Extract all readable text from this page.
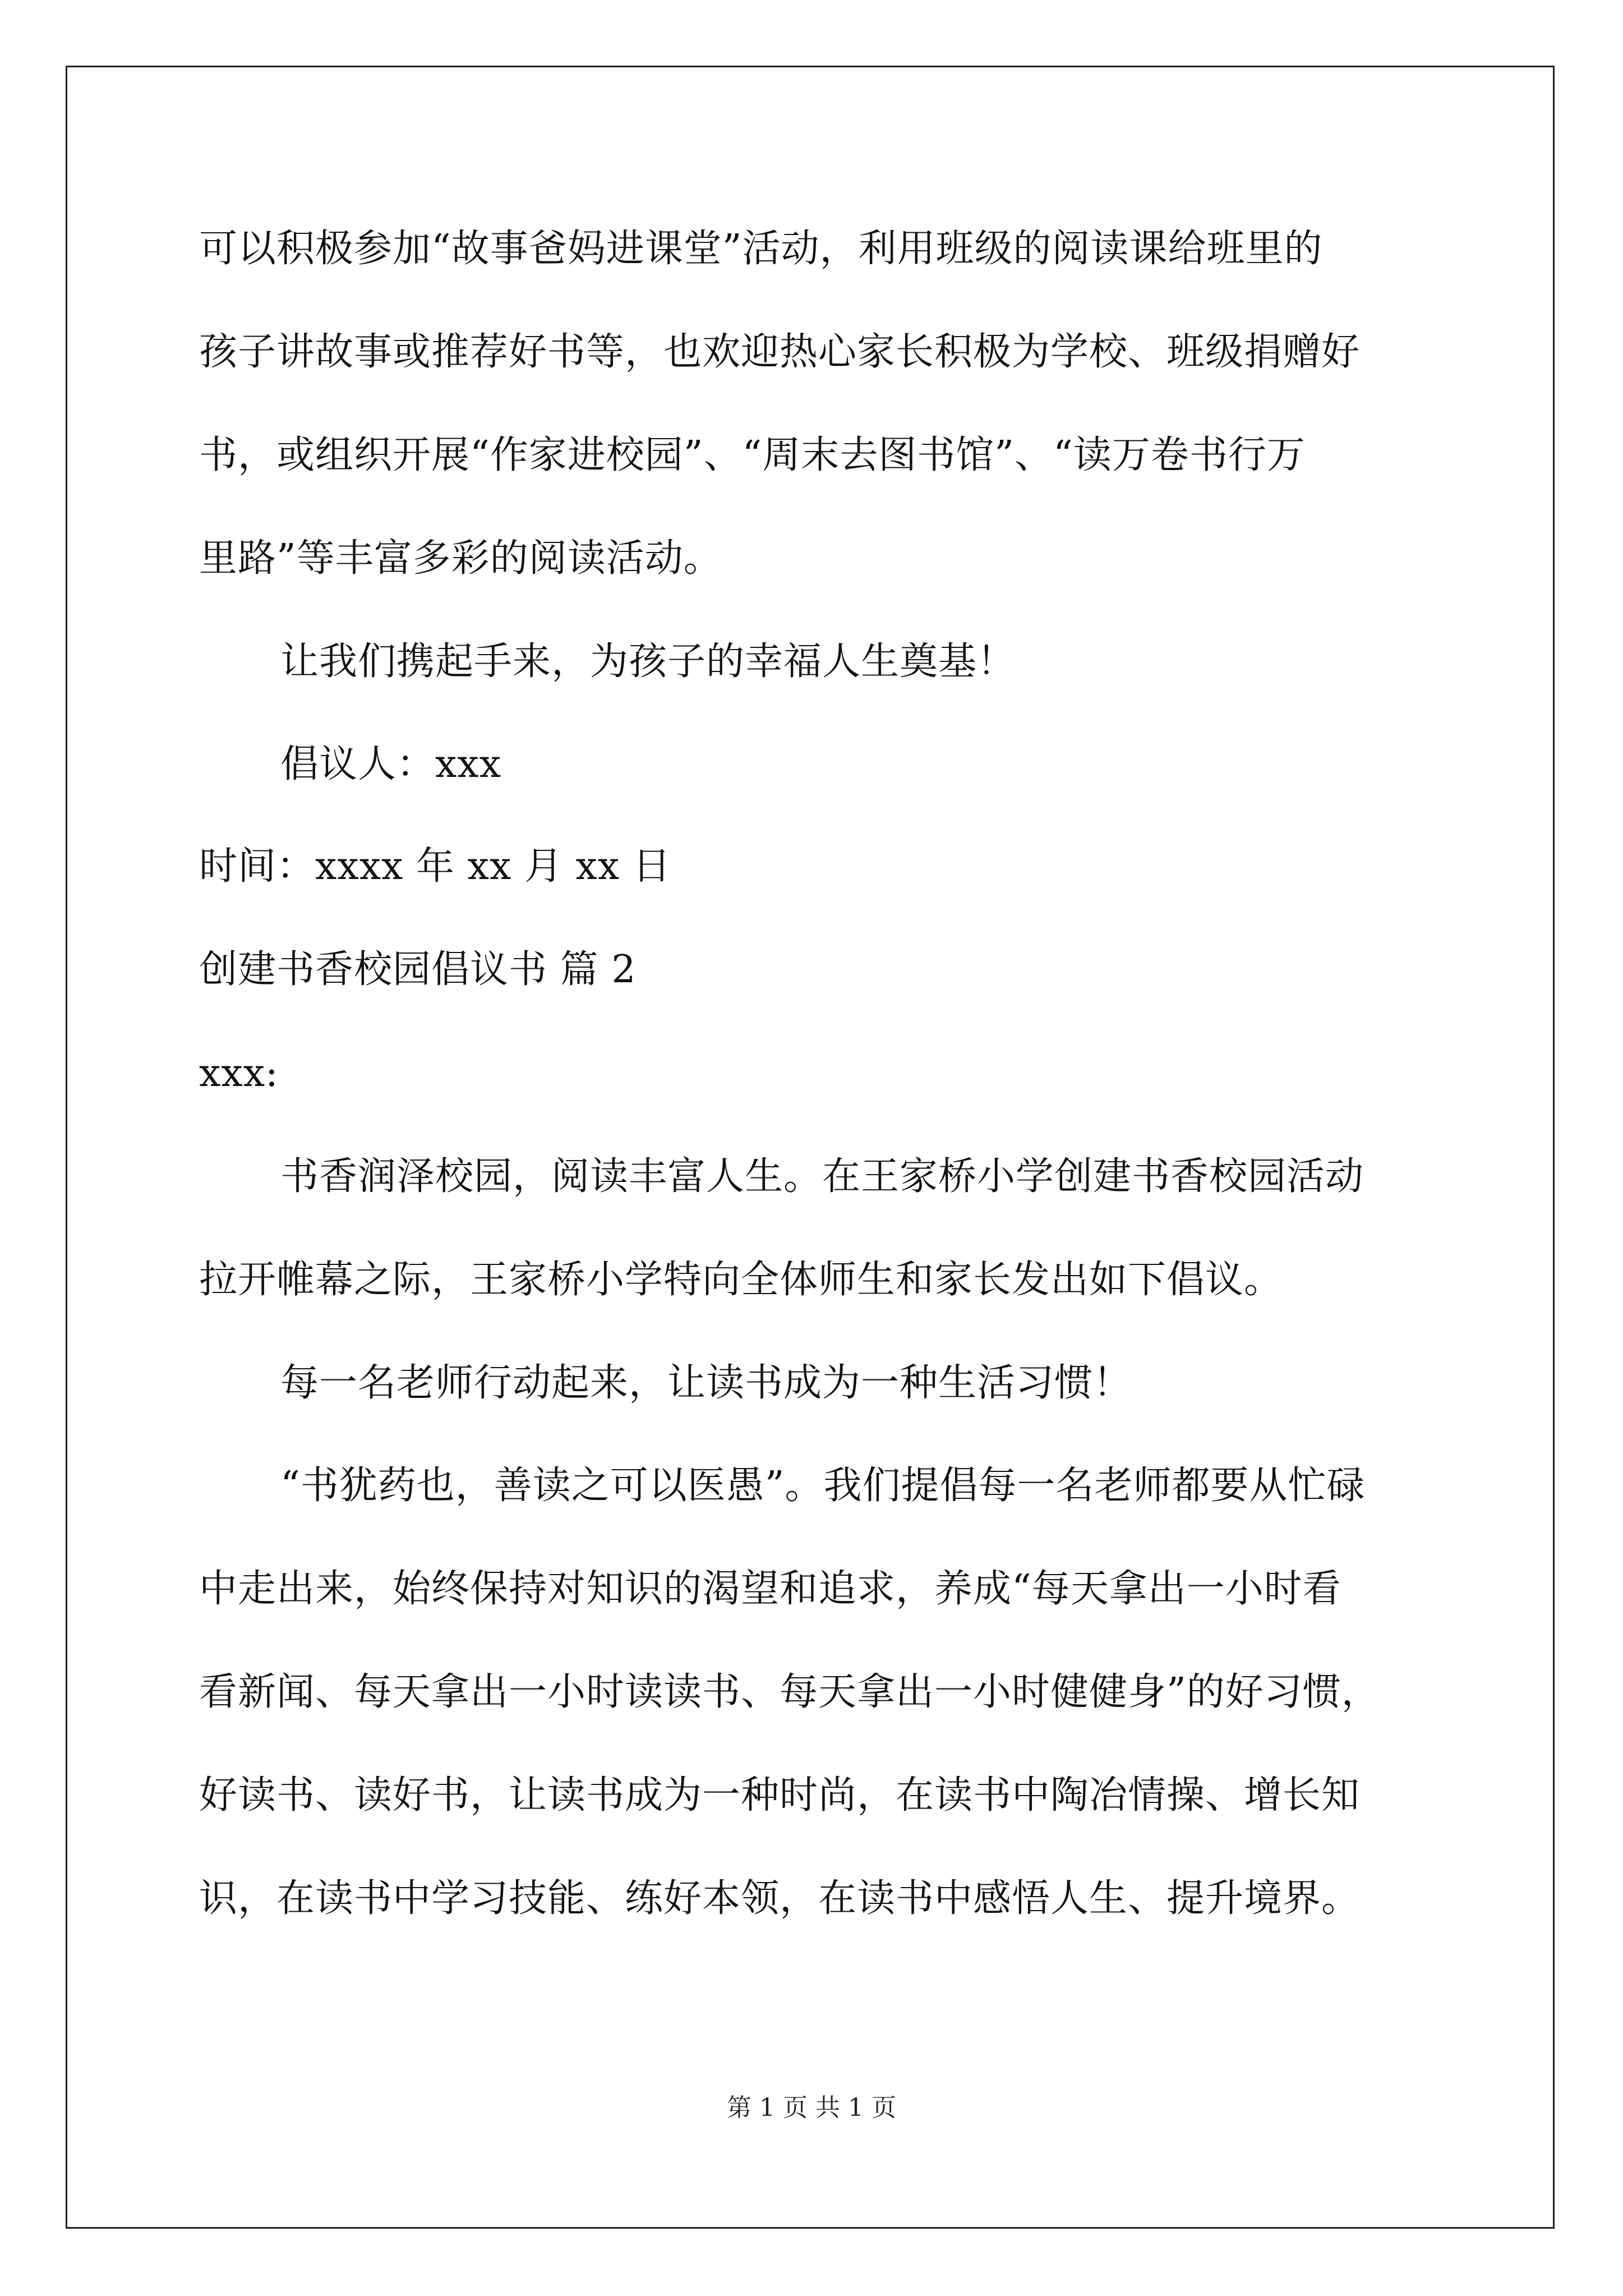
可以积极参加“故事爸妈进课堂”活动，利用班级的阅读课给班里的
孩子讲故事或推荐好书等，也欢迎热心家长积极为学校、班级捐赠好
书，或组织开展“作家进校园”、“周末去图书馆”、“读万卷书行万
里路”等丰富多彩的阅读活动。
让我们携起手来，为孩子的幸福人生奠基！
倡议人：xxx
时间：xxxx 年 xx 月 xx 日
创建书香校园倡议书 篇 2
xxx:
书香润泽校园，阅读丰富人生。在王家桥小学创建书香校园活动
拉开帷幕之际，王家桥小学特向全体师生和家长发出如下倡议。
每一名老师行动起来，让读书成为一种生活习惯！
“书犹药也，善读之可以医愚”。我们提倡每一名老师都要从忙碌
中走出来，始终保持对知识的渴望和追求，养成“每天拿出一小时看
看新闻、每天拿出一小时读读书、每天拿出一小时健健身”的好习惯，
好读书、读好书，让读书成为一种时尚，在读书中陶冶情操、增长知
识，在读书中学习技能、练好本领，在读书中感悟人生、提升境界。
第 1 页 共 1 页
